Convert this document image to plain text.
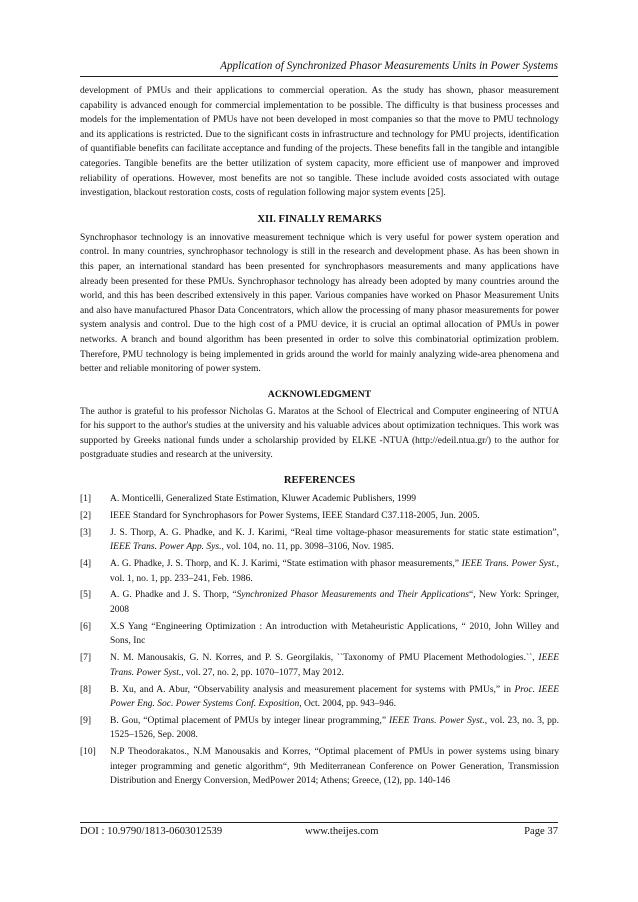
Application of Synchronized Phasor Measurements Units in Power Systems

development of PMUs and their applications to commercial operation. As the study has shown, phasor measurement capability is advanced enough for commercial implementation to be possible. The difficulty is that business processes and models for the implementation of PMUs have not been developed in most companies so that the move to PMU technology and its applications is restricted. Due to the significant costs in infrastructure and technology for PMU projects, identification of quantifiable benefits can facilitate acceptance and funding of the projects. These benefits fall in the tangible and intangible categories. Tangible benefits are the better utilization of system capacity, more efficient use of manpower and improved reliability of operations. However, most benefits are not so tangible. These include avoided costs associated with outage investigation, blackout restoration costs, costs of regulation following major system events [25].

XII. FINALLY REMARKS

Synchrophasor technology is an innovative measurement technique which is very useful for power system operation and control. In many countries, synchrophasor technology is still in the research and development phase. As has been shown in this paper, an international standard has been presented for synchrophasors measurements and many applications have already been presented for these PMUs. Synchrophasor technology has already been adopted by many countries around the world, and this has been described extensively in this paper. Various companies have worked on Phasor Measurement Units and also have manufactured Phasor Data Concentrators, which allow the processing of many phasor measurements for power system analysis and control. Due to the high cost of a PMU device, it is crucial an optimal allocation of PMUs in power networks. A branch and bound algorithm has been presented in order to solve this combinatorial optimization problem. Therefore, PMU technology is being implemented in grids around the world for mainly analyzing wide-area phenomena and better and reliable monitoring of power system.

ACKNOWLEDGMENT

The author is grateful to his professor Nicholas G. Maratos at the School of Electrical and Computer engineering of NTUA for his support to the author's studies at the university and his valuable advices about optimization techniques. This work was supported by Greeks national funds under a scholarship provided by ELKE -NTUA (http://edeil.ntua.gr/) to the author for postgraduate studies and research at the university.

REFERENCES
[1]	A. Monticelli, Generalized State Estimation, Kluwer Academic Publishers, 1999
[2]	IEEE Standard for Synchrophasors for Power Systems, IEEE Standard C37.118-2005, Jun. 2005.
[3]	J. S. Thorp, A. G. Phadke, and K. J. Karimi, “Real time voltage-phasor measurements for static state estimation”, IEEE Trans. Power App. Sys., vol. 104, no. 11, pp. 3098–3106, Nov. 1985.
[4]	A. G. Phadke, J. S. Thorp, and K. J. Karimi, “State estimation with phasor measurements,” IEEE Trans. Power Syst., vol. 1, no. 1, pp. 233–241, Feb. 1986.
[5]	A. G. Phadke and J. S. Thorp, “Synchronized Phasor Measurements and Their Applications“, New York: Springer, 2008
[6]	X.S Yang “Engineering Optimization : An introduction with Metaheuristic Applications, “ 2010, John Willey and Sons, Inc
[7]	N. M. Manousakis, G. N. Korres, and P. S. Georgilakis, ``Taxonomy of PMU Placement Methodologies.``, IEEE Trans. Power Syst., vol. 27, no. 2, pp. 1070–1077, May 2012.
[8]	B. Xu, and A. Abur, “Observability analysis and measurement placement for systems with PMUs,” in Proc. IEEE Power Eng. Soc. Power Systems Conf. Exposition, Oct. 2004, pp. 943–946.
[9]	B. Gou, “Optimal placement of PMUs by integer linear programming,” IEEE Trans. Power Syst., vol. 23, no. 3, pp. 1525–1526, Sep. 2008.
[10]	N.P Theodorakatos., N.M Manousakis and Korres, “Optimal placement of PMUs in power systems using binary integer programming and genetic algorithm“, 9th Mediterranean Conference on Power Generation, Transmission Distribution and Energy Conversion, MedPower 2014; Athens; Greece, (12), pp. 140-146
DOI : 10.9790/1813-0603012539	www.theijes.com	Page 37
